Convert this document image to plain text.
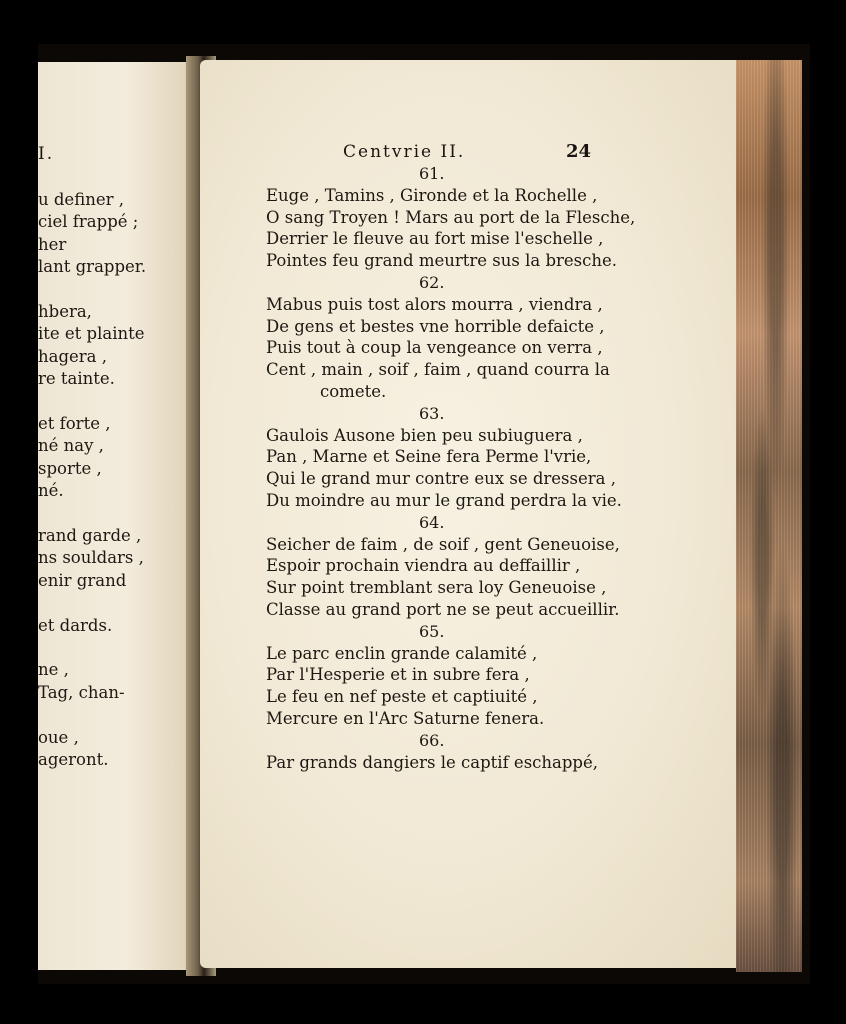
I.
u definer ,
ciel frappé ;
her
lant grapper.
hbera,
ite et plainte
hagera ,
re tainte.
et forte ,
né nay ,
sporte ,
né.
rand garde ,
ns souldars ,
enir grand
et dards.
ne ,
Tag, chan-
oue ,
ageront.
Centvrie II.	24
61.
Euge , Tamins , Gironde et la Rochelle ,
O sang Troyen ! Mars au port de la Flesche,
Derrier le fleuve au fort mise l'eschelle ,
Pointes feu grand meurtre sus la bresche.
62.
Mabus puis tost alors mourra , viendra ,
De gens et bestes vne horrible defaicte ,
Puis tout à coup la vengeance on verra ,
Cent , main , soif , faim , quand courra la
comete.
63.
Gaulois Ausone bien peu subiuguera ,
Pan , Marne et Seine fera Perme l'vrie,
Qui le grand mur contre eux se dressera ,
Du moindre au mur le grand perdra la vie.
64.
Seicher de faim , de soif , gent Geneuoise,
Espoir prochain viendra au deffaillir ,
Sur point tremblant sera loy Geneuoise ,
Classe au grand port ne se peut accueillir.
65.
Le parc enclin grande calamité ,
Par l'Hesperie et in subre fera ,
Le feu en nef peste et captiuité ,
Mercure en l'Arc Saturne fenera.
66.
Par grands dangiers le captif eschappé,
